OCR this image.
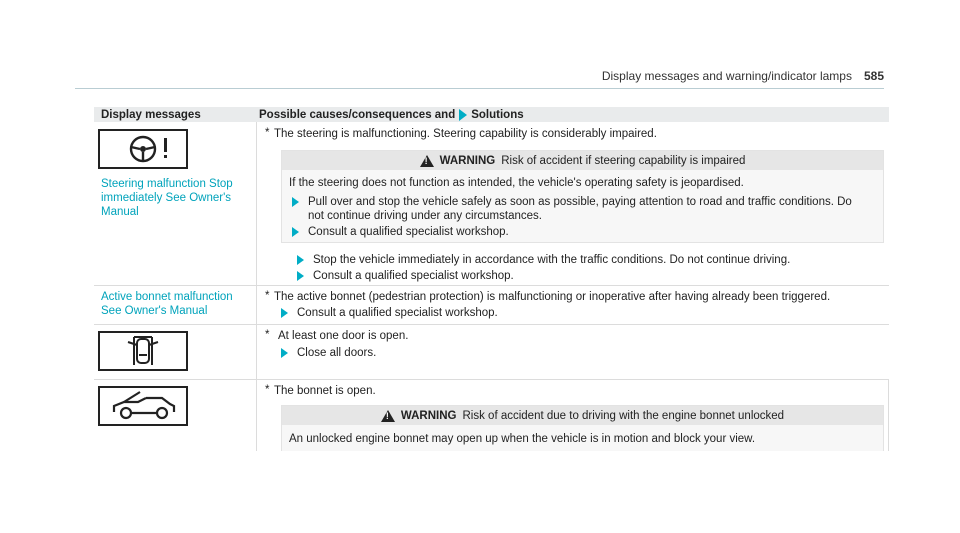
Display messages and warning/indicator lamps 585
Display messages	Possible causes/consequences and Solutions
Steering malfunction Stop immediately See Owner's Manual
* The steering is malfunctioning. Steering capability is considerably impaired.
!
WARNING Risk of accident if steering capability is impaired
If the steering does not function as intended, the vehicle's operating safety is jeopardised.
Pull over and stop the vehicle safely as soon as possible, paying attention to road and traffic conditions. Do not continue driving under any circumstances.
Consult a qualified specialist workshop.
Stop the vehicle immediately in accordance with the traffic conditions. Do not continue driving.
Consult a qualified specialist workshop.
Active bonnet malfunction See Owner's Manual
* The active bonnet (pedestrian protection) is malfunctioning or inoperative after having already been triggered.
Consult a qualified specialist workshop.
* At least one door is open.
Close all doors.
* The bonnet is open.
!
WARNING Risk of accident due to driving with the engine bonnet unlocked
An unlocked engine bonnet may open up when the vehicle is in motion and block your view.
